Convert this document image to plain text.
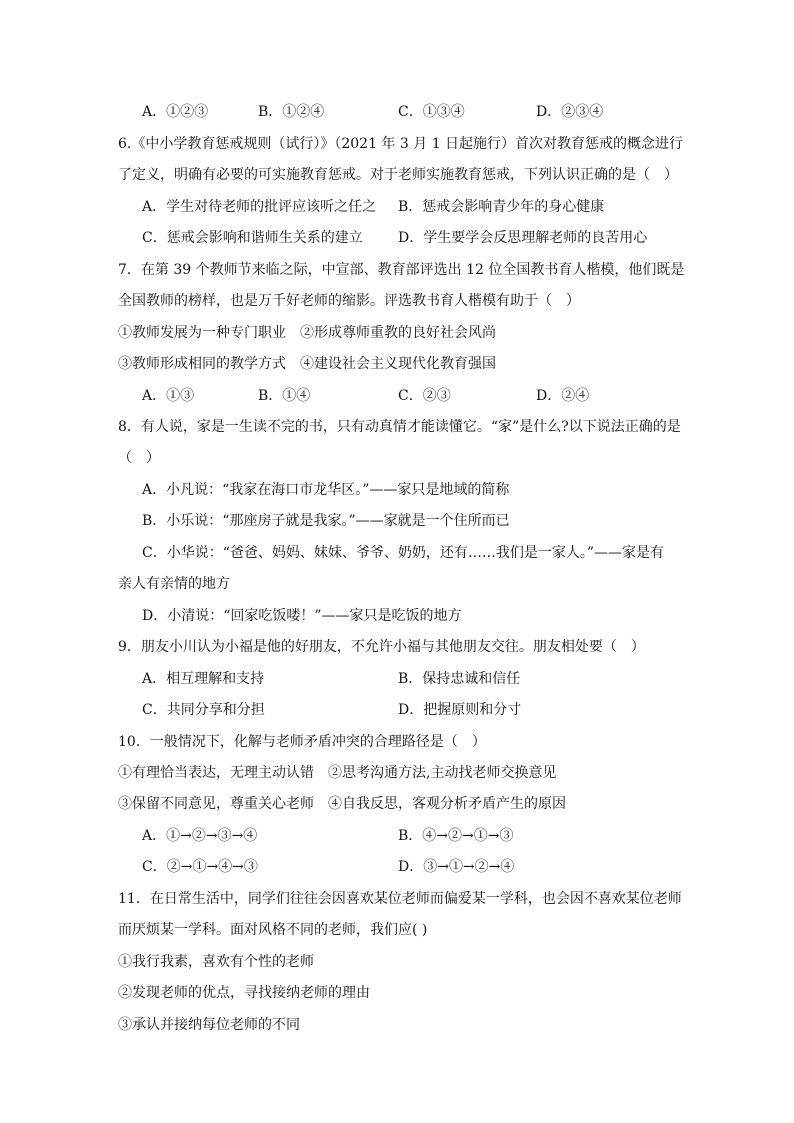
A．①②③	B．①②④	C．①③④	D．②③④
6.《中小学教育惩戒规则（试行）》（2021 年 3 月 1 日起施行）首次对教育惩戒的概念进行
了定义，明确有必要的可实施教育惩戒。对于老师实施教育惩戒，下列认识正确的是（　）
A．学生对待老师的批评应该听之任之 B．惩戒会影响青少年的身心健康
C．惩戒会影响和谐师生关系的建立	D．学生要学会反思理解老师的良苦用心
7．在第 39 个教师节来临之际，中宣部、教育部评选出 12 位全国教书育人楷模，他们既是
全国教师的榜样，也是万千好老师的缩影。评选教书育人楷模有助于（　）
①教师发展为一种专门职业　②形成尊师重教的良好社会风尚
③教师形成相同的教学方式　④建设社会主义现代化教育强国
A．①③	B．①④	C．②③	D．②④
8．有人说，家是一生读不完的书，只有动真情才能读懂它。“家”是什么?以下说法正确的是
（　）
A．小凡说：“我家在海口市龙华区。”——家只是地域的简称
B．小乐说：“那座房子就是我家。”——家就是一个住所而已
C．小华说：“爸爸、妈妈、妹妹、爷爷、奶奶，还有……我们是一家人。”——家是有
亲人有亲情的地方
D．小清说：“回家吃饭喽！”——家只是吃饭的地方
9．朋友小川认为小福是他的好朋友，不允许小福与其他朋友交往。朋友相处要（　）
A．相互理解和支持	B．保持忠诚和信任
C．共同分享和分担	D．把握原则和分寸
10．一般情况下，化解与老师矛盾冲突的合理路径是（　）
①有理恰当表达，无理主动认错　②思考沟通方法,主动找老师交换意见
③保留不同意见，尊重关心老师　④自我反思，客观分析矛盾产生的原因
A．①→②→③→④	B．④→②→①→③
C．②→①→④→③	D．③→①→②→④
11．在日常生活中，同学们往往会因喜欢某位老师而偏爱某一学科，也会因不喜欢某位老师
而厌烦某一学科。面对风格不同的老师，我们应( )
①我行我素，喜欢有个性的老师
②发现老师的优点，寻找接纳老师的理由
③承认并接纳每位老师的不同
